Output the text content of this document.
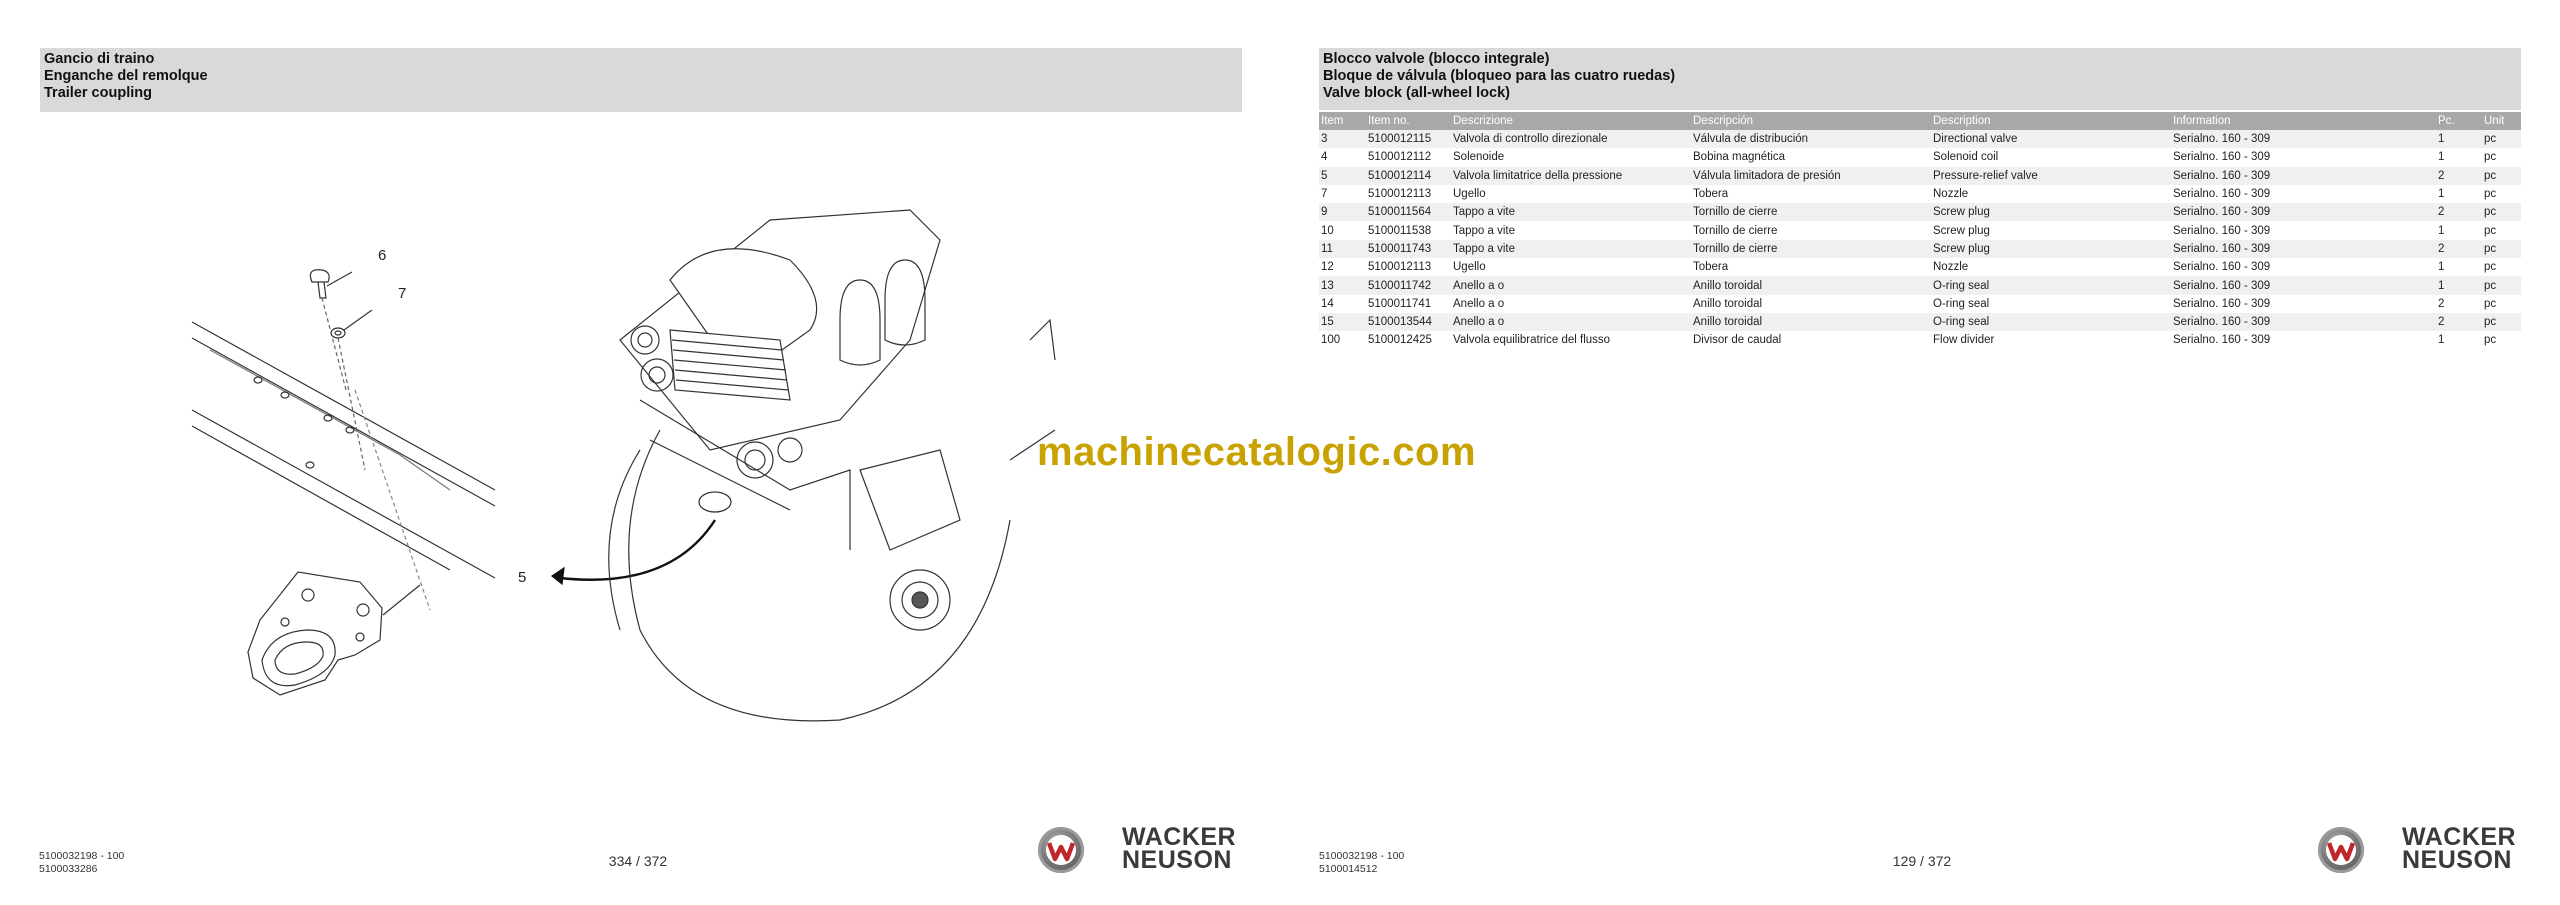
Gancio di traino
Enganche del remolque
Trailer coupling
6
7
5
5100032198 - 100
5100033286	334 / 372
WACKER
NEUSON
Blocco valvole (blocco integrale)
Bloque de válvula (bloqueo para las cuatro ruedas)
Valve block (all-wheel lock)
Item	Item no.	Descrizione	Descripción	Description	Information	Pc.	Unit
3	5100012115	Valvola di controllo direzionale	Válvula de distribución	Directional valve	Serialno. 160 - 309	1	pc
4	5100012112	Solenoide	Bobina magnética	Solenoid coil	Serialno. 160 - 309	1	pc
5	5100012114	Valvola limitatrice della pressione	Válvula limitadora de presión	Pressure-relief valve	Serialno. 160 - 309	2	pc
7	5100012113	Ugello	Tobera	Nozzle	Serialno. 160 - 309	1	pc
9	5100011564	Tappo a vite	Tornillo de cierre	Screw plug	Serialno. 160 - 309	2	pc
10	5100011538	Tappo a vite	Tornillo de cierre	Screw plug	Serialno. 160 - 309	1	pc
11	5100011743	Tappo a vite	Tornillo de cierre	Screw plug	Serialno. 160 - 309	2	pc
12	5100012113	Ugello	Tobera	Nozzle	Serialno. 160 - 309	1	pc
13	5100011742	Anello a o	Anillo toroidal	O-ring seal	Serialno. 160 - 309	1	pc
14	5100011741	Anello a o	Anillo toroidal	O-ring seal	Serialno. 160 - 309	2	pc
15	5100013544	Anello a o	Anillo toroidal	O-ring seal	Serialno. 160 - 309	2	pc
100	5100012425	Valvola equilibratrice del flusso	Divisor de caudal	Flow divider	Serialno. 160 - 309	1	pc
5100032198 - 100
5100014512	129 / 372
WACKER
NEUSON
machinecatalogic.com
